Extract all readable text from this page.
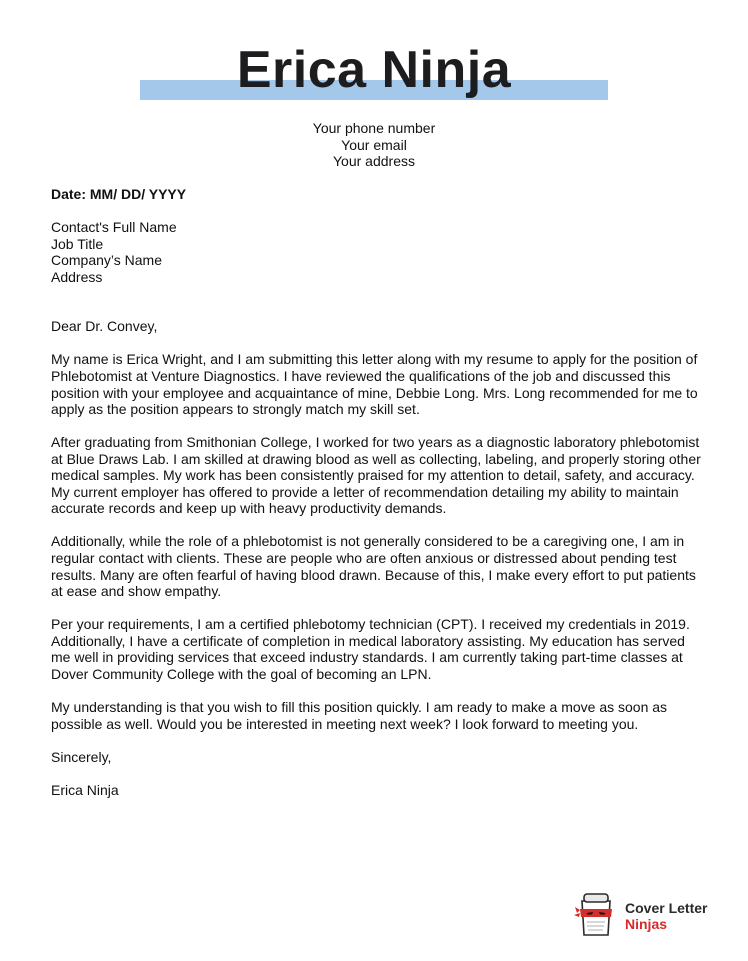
Erica Ninja
Your phone number
Your email
Your address

Date: MM/ DD/ YYYY

Contact's Full Name
Job Title
Company’s Name
Address

Dear Dr. Convey,

My name is Erica Wright, and I am submitting this letter along with my resume to apply for the position of Phlebotomist at Venture Diagnostics. I have reviewed the qualifications of the job and discussed this position with your employee and acquaintance of mine, Debbie Long. Mrs. Long recommended for me to apply as the position appears to strongly match my skill set.

After graduating from Smithonian College, I worked for two years as a diagnostic laboratory phlebotomist at Blue Draws Lab. I am skilled at drawing blood as well as collecting, labeling, and properly storing other medical samples. My work has been consistently praised for my attention to detail, safety, and accuracy. My current employer has offered to provide a letter of recommendation detailing my ability to maintain accurate records and keep up with heavy productivity demands.

Additionally, while the role of a phlebotomist is not generally considered to be a caregiving one, I am in regular contact with clients. These are people who are often anxious or distressed about pending test results. Many are often fearful of having blood drawn. Because of this, I make every effort to put patients at ease and show empathy.

Per your requirements, I am a certified phlebotomy technician (CPT). I received my credentials in 2019. Additionally, I have a certificate of completion in medical laboratory assisting. My education has served me well in providing services that exceed industry standards. I am currently taking part-time classes at Dover Community College with the goal of becoming an LPN.

My understanding is that you wish to fill this position quickly. I am ready to make a move as soon as possible as well. Would you be interested in meeting next week? I look forward to meeting you.

Sincerely,

Erica Ninja

Cover Letter
Ninjas
